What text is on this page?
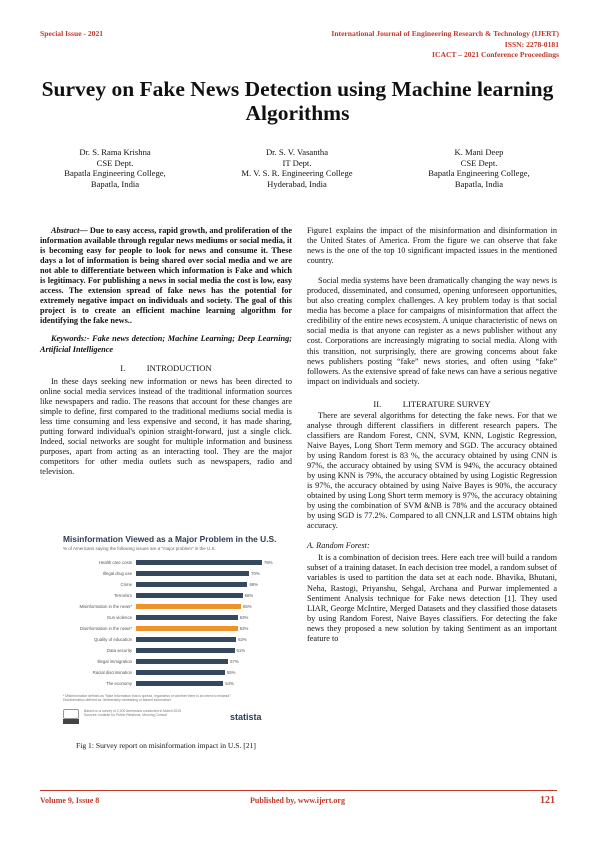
Special Issue - 2021	International Journal of Engineering Research & Technology (IJERT)
ISSN: 2278-0181
ICACT – 2021 Conference Proceedings
Survey on Fake News Detection using Machine learning Algorithms
Dr. S. Rama Krishna
CSE Dept.
Bapatla Engineering College,
Bapatla, India
Dr. S. V. Vasantha
IT Dept.
M. V. S. R. Engineering College
Hyderabad, India
K. Mani Deep
CSE Dept.
Bapatla Engineering College,
Bapatla, India

Abstract— Due to easy access, rapid growth, and proliferation of the information available through regular news mediums or social media, it is becoming easy for people to look for news and consume it. These days a lot of information is being shared over social media and we are not able to differentiate between which information is Fake and which is legitimacy. For publishing a news in social media the cost is low, easy access. The extension spread of fake news has the potential for extremely negative impact on individuals and society. The goal of this project is to create an efficient machine learning algorithm for identifying the fake news..

Keywords:- Fake news detection; Machine Learning; Deep Learning; Artificial Intelligence

I.          INTRODUCTION

In these days seeking new information or news has been directed to online social media services instead of the traditional information sources like newspapers and radio. The reasons that account for these changes are simple to define, first compared to the traditional mediums social media is less time consuming and less expensive and second, it has made sharing, putting forward individual's opinion straight-forward, just a single click. Indeed, social networks are sought for multiple information and business purposes, apart from acting as an interacting tool. They are the major competitors for other media outlets such as newspapers, radio and television.

Misinformation Viewed as a Major Problem in the U.S.
% of Americans saying the following issues are a "major problem" in the U.S.
Health care costs	78%
Illegal drug use	70%
Crime	69%
Terrorism	66%
Misinformation in the news*	65%
Gun violence	63%
Disinformation in the news*	63%
Quality of education	62%
Data security	61%
Illegal immigration	57%
Racial discrimination	55%
The economy	54%
* Misinformation defined as "false information that is spread, regardless of whether there is an intent to mislead".
Disinformation defined as "deliberately misleading or biased information"
Based on a survey of 2,200 Americans conducted in March 2019.
Sources: Institute for Public Relations, Morning Consult	statista
Fig 1: Survey report on misinformation impact in U.S. [21]

Figure1 explains the impact of the misinformation and disinformation in the United States of America. From the figure we can observe that fake news is the one of the top 10 significant impacted issues in the mentioned country.

Social media systems have been dramatically changing the way news is produced, disseminated, and consumed, opening unforeseen opportunities, but also creating complex challenges. A key problem today is that social media has become a place for campaigns of misinformation that affect the credibility of the entire news ecosystem. A unique characteristic of news on social media is that anyone can register as a news publisher without any cost. Corporations are increasingly migrating to social media. Along with this transition, not surprisingly, there are growing concerns about fake news publishers posting “fake” news stories, and often using “fake” followers. As the extensive spread of fake news can have a serious negative impact on individuals and society.

II.          LITERATURE SURVEY

There are several algorithms for detecting the fake news. For that we analyse through different classifiers in different research papers. The classifiers are Random Forest, CNN, SVM, KNN, Logistic Regression, Naive Bayes, Long Short Term memory and SGD. The accuracy obtained by using Random forest is 83 %, the accuracy obtained by using CNN is 97%, the accuracy obtained by using SVM is 94%, the accuracy obtained by using KNN is 79%, the accuracy obtained by using Logistic Regression is 97%, the accuracy obtained by using Naive Bayes is 90%, the accuracy obtained by using Long Short term memory is 97%, the accuracy obtaining by using the combination of SVM &NB is 78% and the accuracy obtained by using SGD is 77.2%. Compared to all CNN,LR and LSTM obtains high accuracy.

A. Random Forest:

It is a combination of decision trees. Here each tree will build a random subset of a training dataset. In each decision tree model, a random subset of variables is used to partition the data set at each node. Bhavika, Bhutani, Neha, Rastogi, Priyanshu, Sehgal, Archana and Purwar implemented a Sentiment Analysis technique for Fake news detection [1]. They used LIAR, George McIntire, Merged Datasets and they classified those datasets by using Random Forest, Naive Bayes classifiers. For detecting the fake news they proposed a new solution by taking Sentiment as an important feature to

Volume 9, Issue 8	Published by, www.ijert.org	121
